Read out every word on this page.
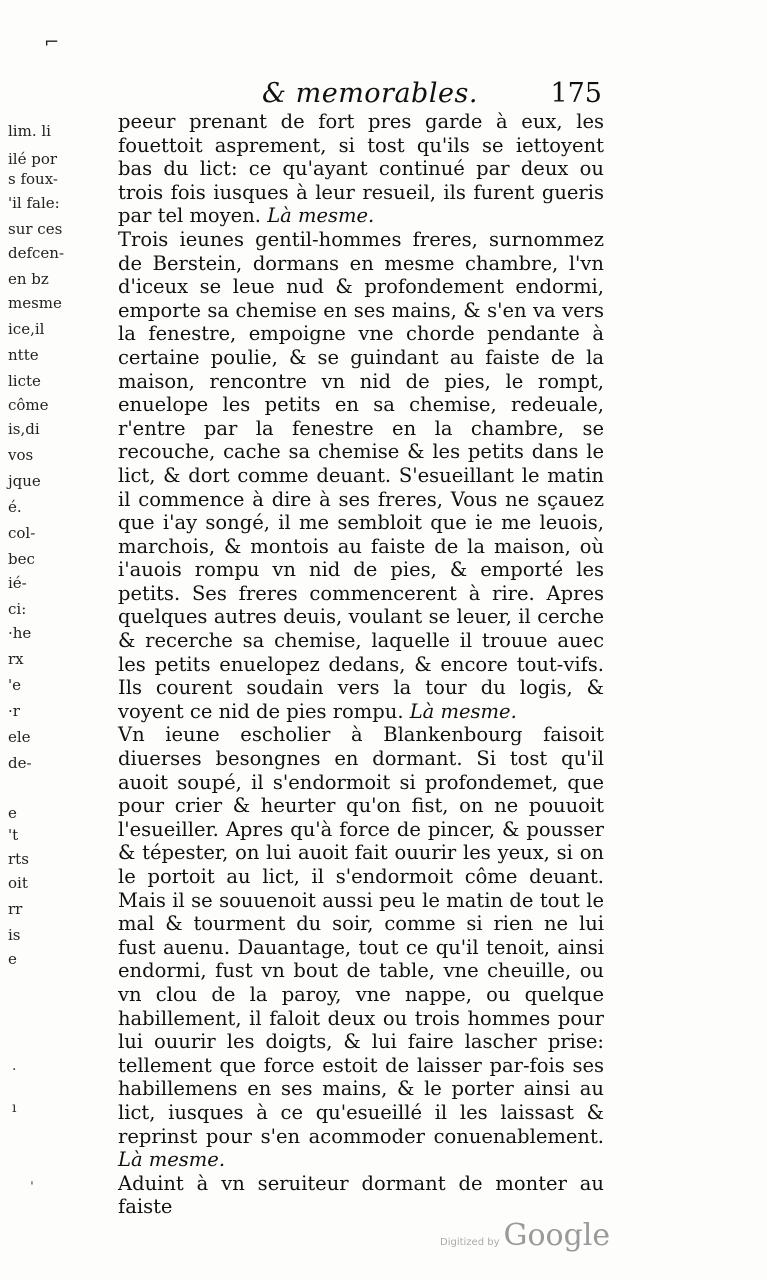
⌐
& memorables.	175
lim. li
ilé por
s foux-
'il fale:
sur ces
defcen-
en bz
mesme
ice,il
ntte
licte
côme
is,di
vos
jque
é.
col-
bec
ié-
ci:
·he
rx
'e
·r
ele
de-
e
't
rts
oit
rr
is
e

peeur prenant de fort pres garde à eux, les fouettoit asprement, si tost qu'ils se iettoyent bas du lict: ce qu'ayant continué par deux ou trois fois iusques à leur resueil, ils furent gueris par tel moyen. Là mesme.

Trois ieunes gentil-hommes freres, surnommez de Berstein, dormans en mesme chambre, l'vn d'iceux se leue nud & profondement endormi, emporte sa chemise en ses mains, & s'en va vers la fenestre, empoigne vne chorde pendante à certaine poulie, & se guindant au faiste de la maison, rencontre vn nid de pies, le rompt, enuelope les petits en sa chemise, redeuale, r'entre par la fenestre en la chambre, se recouche, cache sa chemise & les petits dans le lict, & dort comme deuant. S'esueillant le matin il commence à dire à ses freres, Vous ne sçauez que i'ay songé, il me sembloit que ie me leuois, marchois, & montois au faiste de la maison, où i'auois rompu vn nid de pies, & emporté les petits. Ses freres commencerent à rire. Apres quelques autres deuis, voulant se leuer, il cerche & recerche sa chemise, laquelle il trouue auec les petits enuelopez dedans, & encore tout-vifs. Ils courent soudain vers la tour du logis, & voyent ce nid de pies rompu. Là mesme.

Vn ieune escholier à Blankenbourg faisoit diuerses besongnes en dormant. Si tost qu'il auoit soupé, il s'endormoit si profondemet, que pour crier & heurter qu'on fist, on ne pouuoit l'esueiller. Apres qu'à force de pincer, & pousser & tépester, on lui auoit fait ouurir les yeux, si on le portoit au lict, il s'endormoit côme deuant. Mais il se souuenoit aussi peu le matin de tout le mal & tourment du soir, comme si rien ne lui fust auenu. Dauantage, tout ce qu'il tenoit, ainsi endormi, fust vn bout de table, vne cheuille, ou vn clou de la paroy, vne nappe, ou quelque habillement, il faloit deux ou trois hommes pour lui ouurir les doigts, & lui faire lascher prise: tellement que force estoit de laisser par-fois ses habillemens en ses mains, & le porter ainsi au lict, iusques à ce qu'esueillé il les laissast & reprinst pour s'en acommoder conuenablement. Là mesme.

Aduint à vn seruiteur dormant de monter au faiste

·
ı
ˈ
Digitized by Google
